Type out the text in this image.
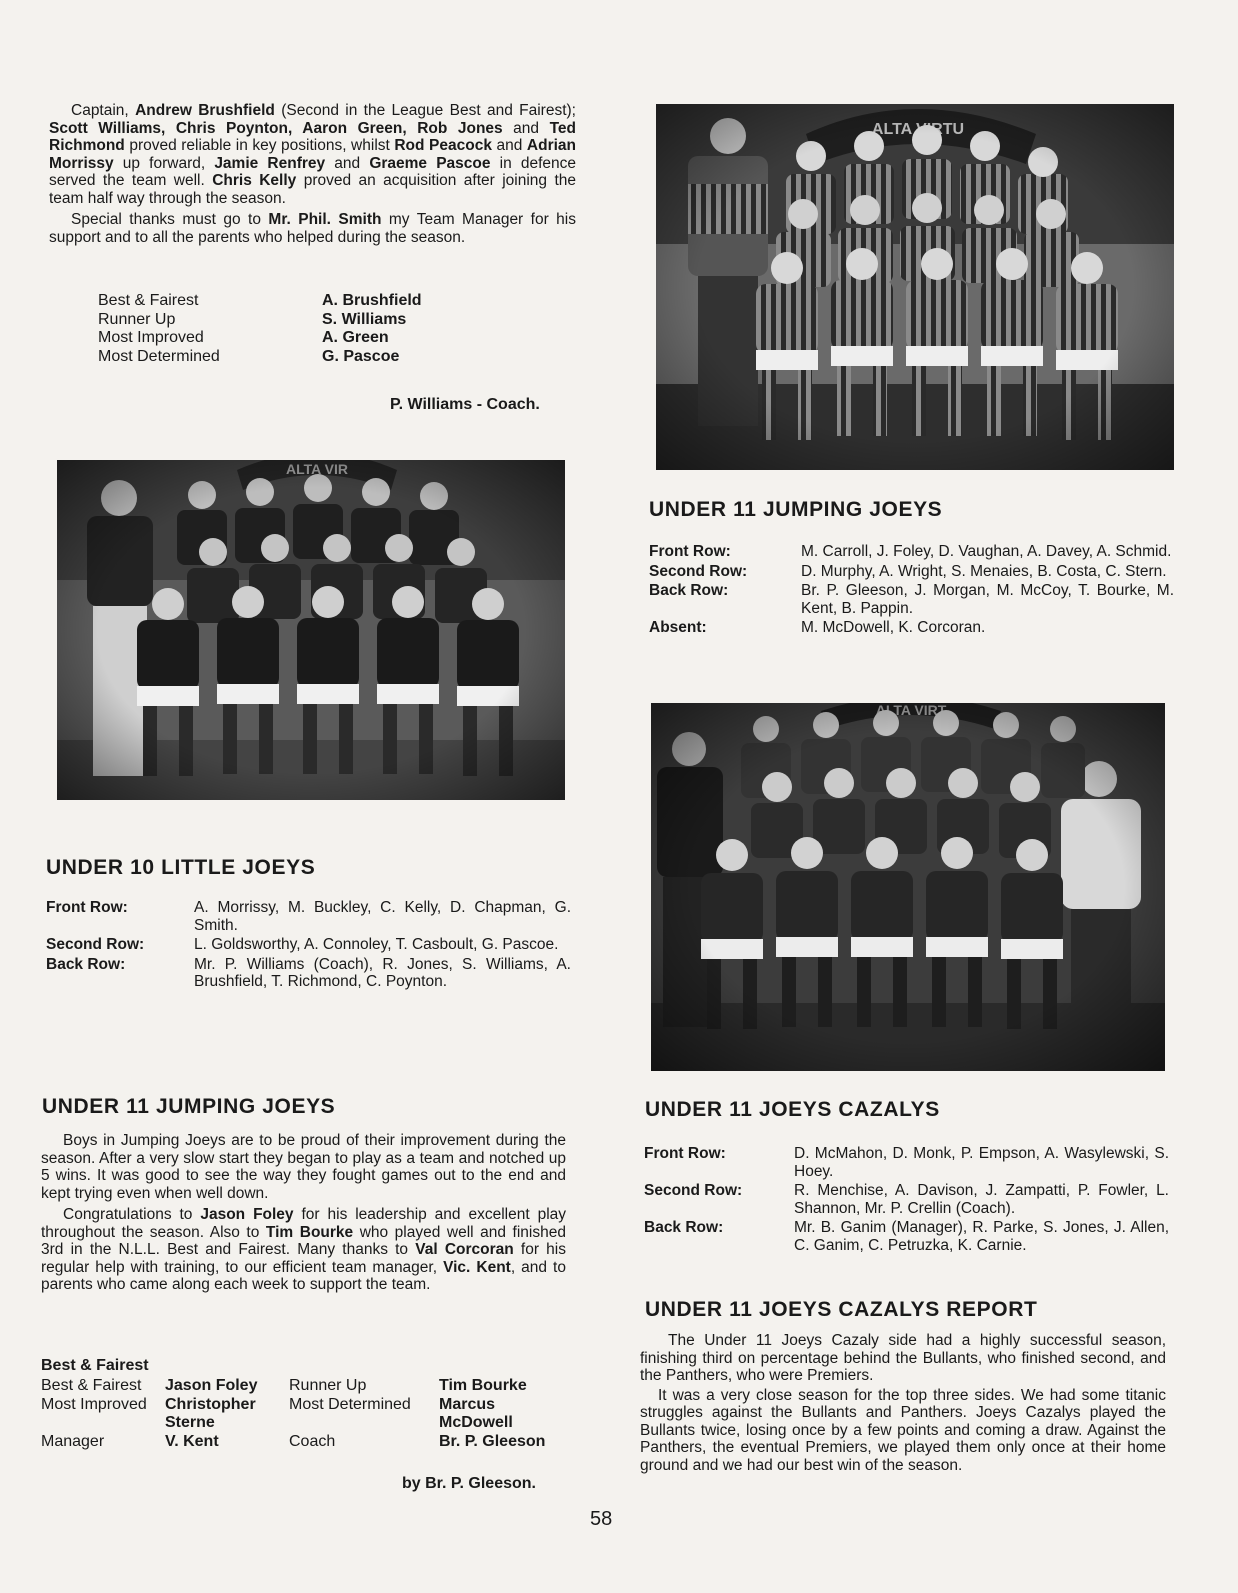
Captain, Andrew Brushfield (Second in the League Best and Fairest); Scott Williams, Chris Poynton, Aaron Green, Rob Jones and Ted Richmond proved reliable in key positions, whilst Rod Peacock and Adrian Morrissy up forward, Jamie Renfrey and Graeme Pascoe in defence served the team well. Chris Kelly proved an acquisition after joining the team half way through the season.

Special thanks must go to Mr. Phil. Smith my Team Manager for his support and to all the parents who helped during the season.

Best & Fairest	A. Brushfield
Runner Up	S. Williams
Most Improved	A. Green
Most Determined	G. Pascoe
P. Williams - Coach.
UNDER 10 LITTLE JOEYS
Front Row:	A. Morrissy, M. Buckley, C. Kelly, D. Chapman, G. Smith.
Second Row:	L. Goldsworthy, A. Connoley, T. Casboult, G. Pascoe.
Back Row:	Mr. P. Williams (Coach), R. Jones, S. Williams, A. Brushfield, T. Richmond, C. Poynton.
UNDER 11 JUMPING JOEYS
Front Row:	M. Carroll, J. Foley, D. Vaughan, A. Davey, A. Schmid.
Second Row:	D. Murphy, A. Wright, S. Menaies, B. Costa, C. Stern.
Back Row:	Br. P. Gleeson, J. Morgan, M. McCoy, T. Bourke, M. Kent, B. Pappin.
Absent:	M. McDowell, K. Corcoran.
UNDER 11 JUMPING JOEYS

Boys in Jumping Joeys are to be proud of their improvement during the season. After a very slow start they began to play as a team and notched up 5 wins. It was good to see the way they fought games out to the end and kept trying even when well down.

Congratulations to Jason Foley for his leadership and excellent play throughout the season. Also to Tim Bourke who played well and finished 3rd in the N.L.L. Best and Fairest. Many thanks to Val Corcoran for his regular help with training, to our efficient team manager, Vic. Kent, and to parents who came along each week to support the team.

Best & Fairest
Best & Fairest	Jason Foley	Runner Up	Tim Bourke
Most Improved	Christopher Sterne	Most Determined	Marcus McDowell
Manager	V. Kent	Coach	Br. P. Gleeson
by Br. P. Gleeson.
UNDER 11 JOEYS CAZALYS
Front Row:	D. McMahon, D. Monk, P. Empson, A. Wasylewski, S. Hoey.
Second Row:	R. Menchise, A. Davison, J. Zampatti, P. Fowler, L. Shannon, Mr. P. Crellin (Coach).
Back Row:	Mr. B. Ganim (Manager), R. Parke, S. Jones, J. Allen, C. Ganim, C. Petruzka, K. Carnie.
UNDER 11 JOEYS CAZALYS REPORT

The Under 11 Joeys Cazaly side had a highly successful season, finishing third on percentage behind the Bullants, who finished second, and the Panthers, who were Premiers.

It was a very close season for the top three sides. We had some titanic struggles against the Bullants and Panthers. Joeys Cazalys played the Bullants twice, losing once by a few points and coming a draw. Against the Panthers, the eventual Premiers, we played them only once at their home ground and we had our best win of the season.

58
